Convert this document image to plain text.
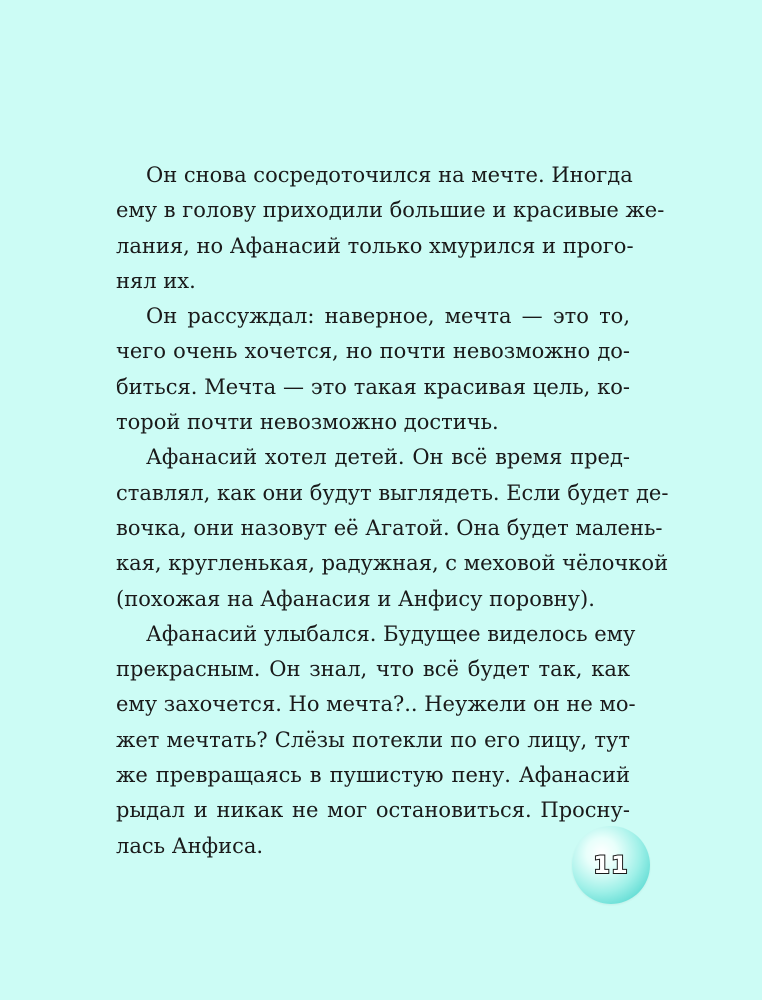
Он снова сосредоточился на мечте. Иногда
ему в голову приходили большие и красивые же-
лания, но Афанасий только хмурился и прого-
нял их.
Он рассуждал: наверное, мечта — это то,
чего очень хочется, но почти невозможно до-
биться. Мечта — это такая красивая цель, ко-
торой почти невозможно достичь.
Афанасий хотел детей. Он всё время пред-
ставлял, как они будут выглядеть. Если будет де-
вочка, они назовут её Агатой. Она будет малень-
кая, кругленькая, радужная, с меховой чёлочкой
(похожая на Афанасия и Анфису поровну).
Афанасий улыбался. Будущее виделось ему
прекрасным. Он знал, что всё будет так, как
ему захочется. Но мечта?.. Неужели он не мо-
жет мечтать? Слёзы потекли по его лицу, тут
же превращаясь в пушистую пену. Афанасий
рыдал и никак не мог остановиться. Просну-
лась Анфиса.
11
